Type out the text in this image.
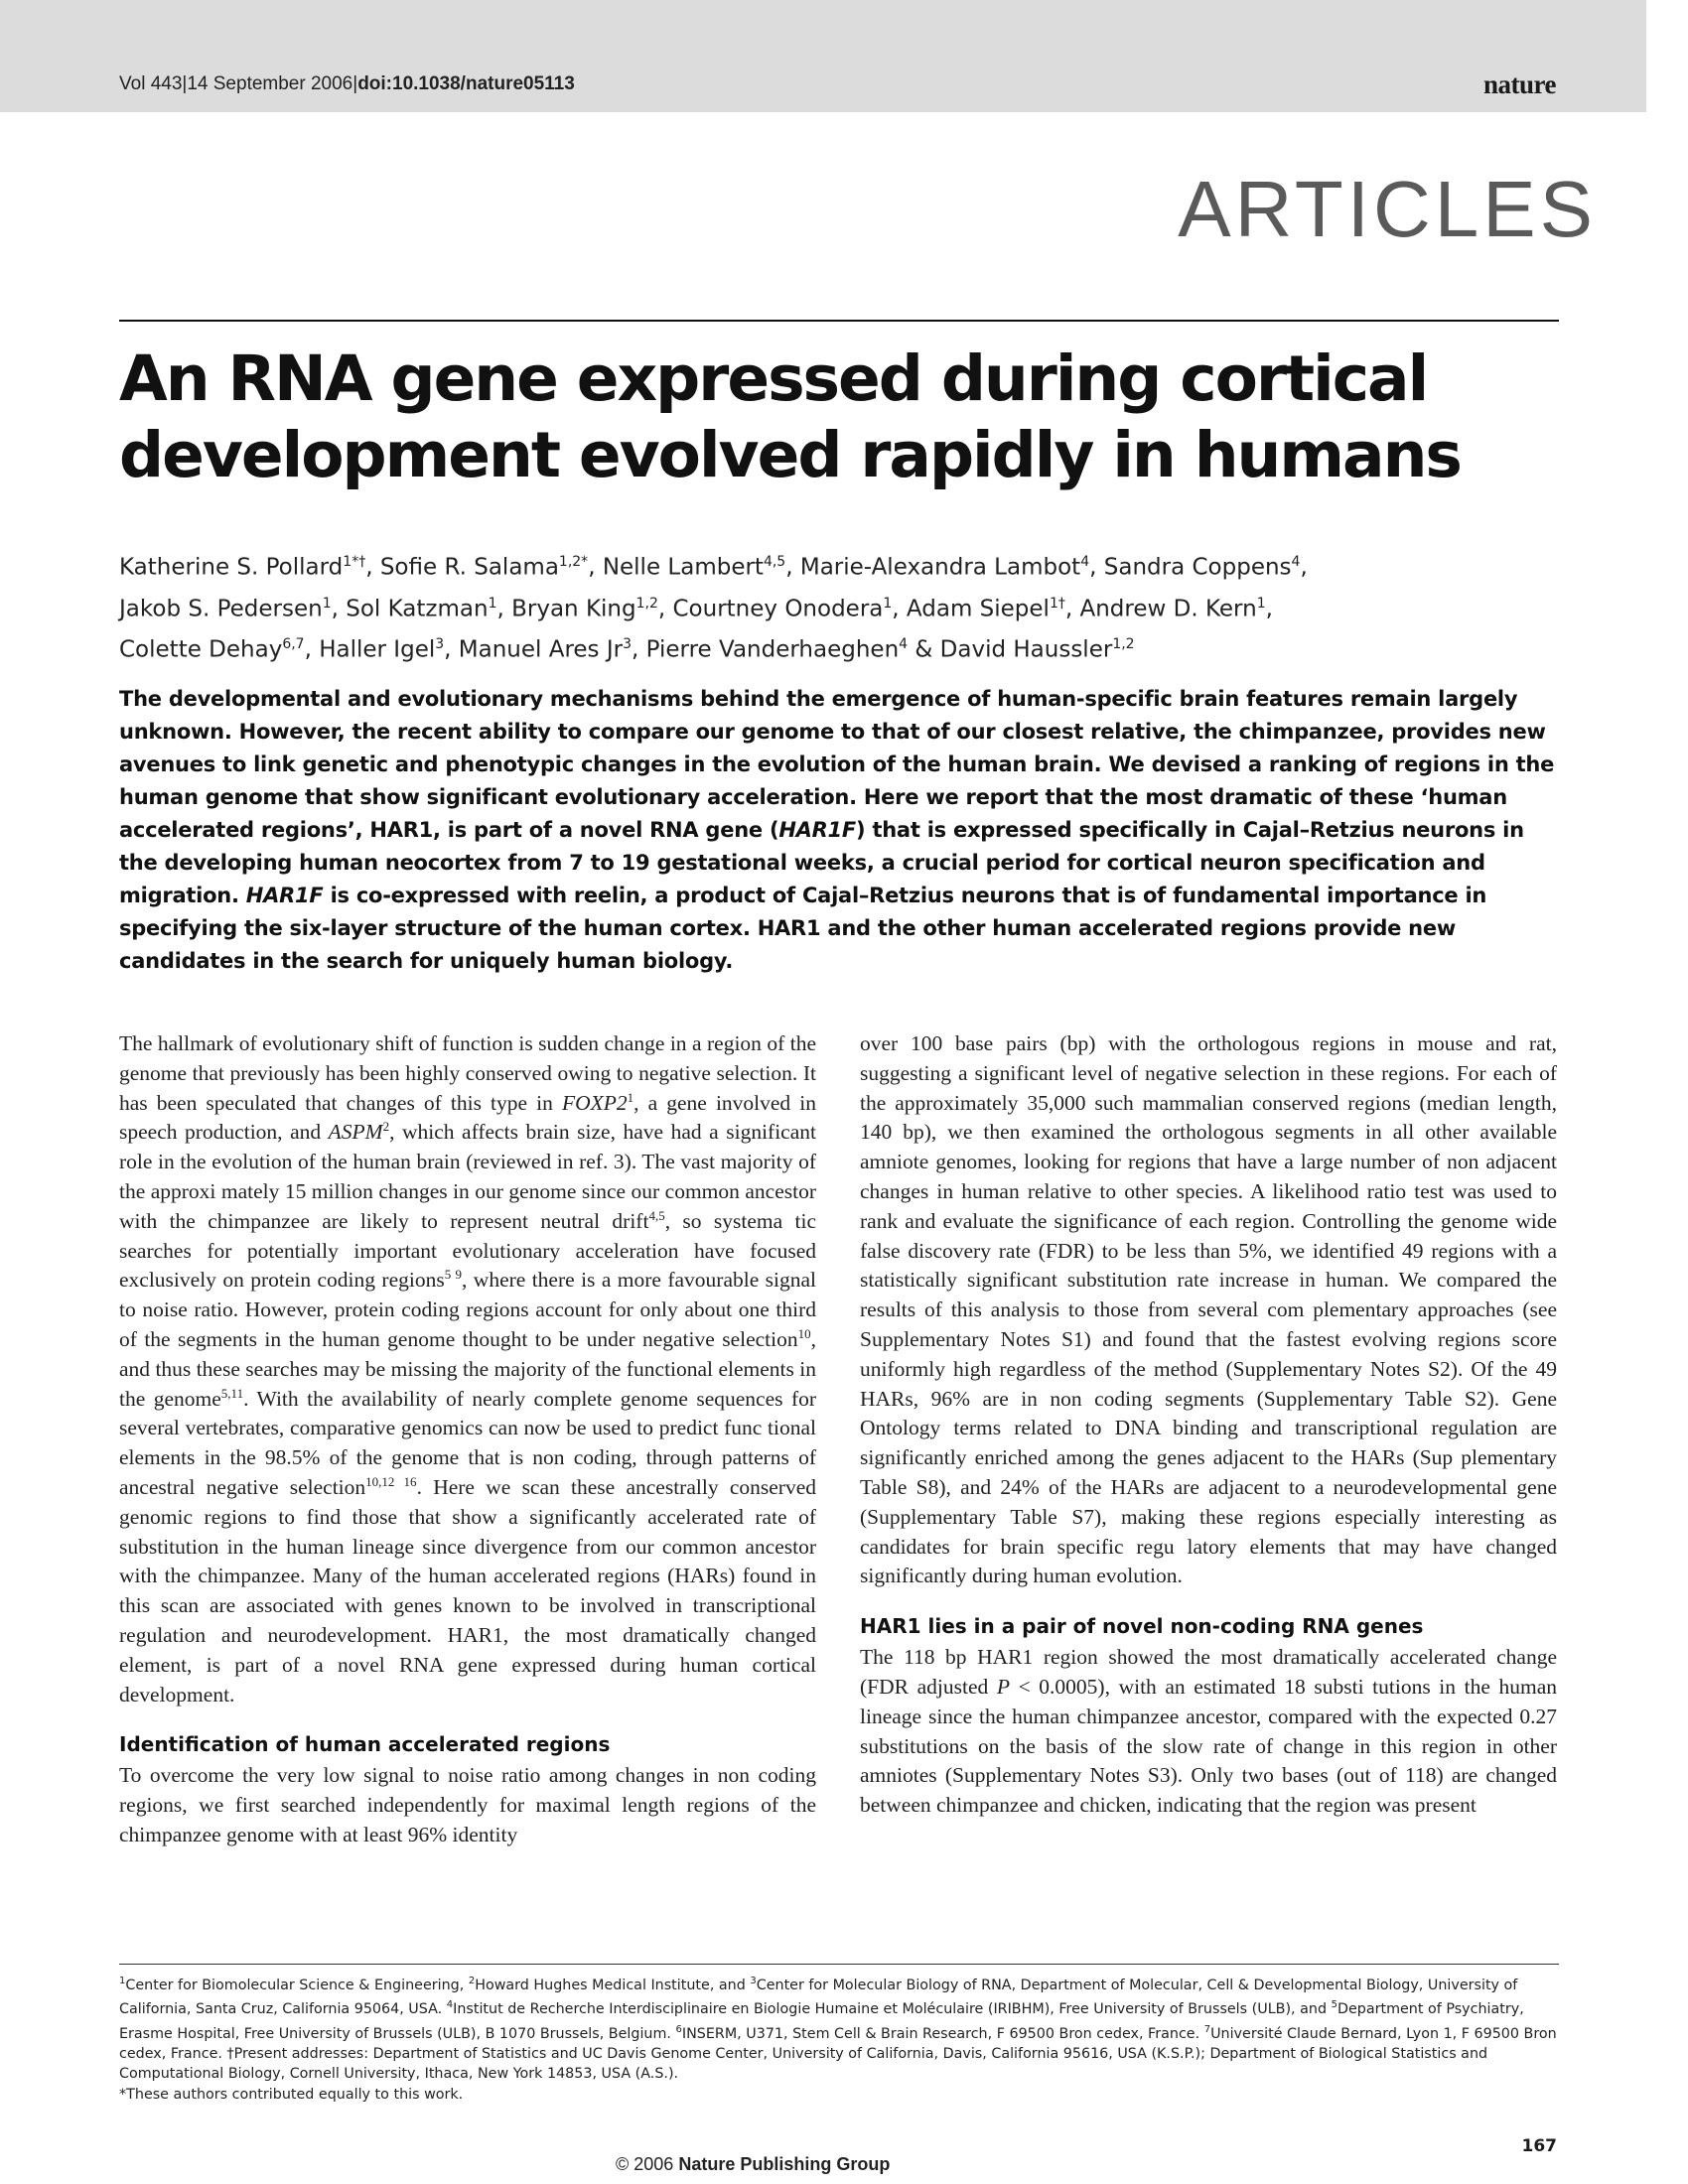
Vol 443|14 September 2006|doi:10.1038/nature05113	nature
ARTICLES
An RNA gene expressed during cortical development evolved rapidly in humans
Katherine S. Pollard$^{1*\dagger}$, Sofie R. Salama$^{1,2*}$, Nelle Lambert$^{4,5}$, Marie-Alexandra Lambot$^4$, Sandra Coppens$^4$,
Jakob S. Pedersen$^1$, Sol Katzman$^1$, Bryan King$^{1,2}$, Courtney Onodera$^1$, Adam Siepel$^{1\dagger}$, Andrew D. Kern$^1$,
Colette Dehay$^{6,7}$, Haller Igel$^3$, Manuel Ares Jr$^3$, Pierre Vanderhaeghen$^4$ & David Haussler$^{1,2}$
The developmental and evolutionary mechanisms behind the emergence of human-specific brain features remain largely unknown. However, the recent ability to compare our genome to that of our closest relative, the chimpanzee, provides new avenues to link genetic and phenotypic changes in the evolution of the human brain. We devised a ranking of regions in the human genome that show significant evolutionary acceleration. Here we report that the most dramatic of these ‘human accelerated regions’, HAR1, is part of a novel RNA gene (HAR1F) that is expressed specifically in Cajal–Retzius neurons in the developing human neocortex from 7 to 19 gestational weeks, a crucial period for cortical neuron specification and migration. HAR1F is co-expressed with reelin, a product of Cajal–Retzius neurons that is of fundamental importance in specifying the six-layer structure of the human cortex. HAR1 and the other human accelerated regions provide new candidates in the search for uniquely human biology.

The hallmark of evolutionary shift of function is sudden change in a region of the genome that previously has been highly conserved owing to negative selection. It has been speculated that changes of this type in $FOXP2^1$, a gene involved in speech production, and ASPM$^2$, which affects brain size, have had a significant role in the evolution of the human brain (reviewed in ref. 3). The vast majority of the approxi mately 15 million changes in our genome since our common ancestor with the chimpanzee are likely to represent neutral drift$^{4,5}$, so systema tic searches for potentially important evolutionary acceleration have focused exclusively on protein coding regions$^{5 9}$, where there is a more favourable signal to noise ratio. However, protein coding regions account for only about one third of the segments in the human genome thought to be under negative selection$^{10}$, and thus these searches may be missing the majority of the functional elements in the genome$^{5,11}$. With the availability of nearly complete genome sequences for several vertebrates, comparative genomics can now be used to predict func tional elements in the 98.5% of the genome that is non coding, through patterns of ancestral negative selection$^{10,12 16}$. Here we scan these ancestrally conserved genomic regions to find those that show a significantly accelerated rate of substitution in the human lineage since divergence from our common ancestor with the chimpanzee. Many of the human accelerated regions (HARs) found in this scan are associated with genes known to be involved in transcriptional regulation and neurodevelopment. HAR1, the most dramatically changed element, is part of a novel RNA gene expressed during human cortical development.

Identification of human accelerated regions

To overcome the very low signal to noise ratio among changes in non coding regions, we first searched independently for maximal length regions of the chimpanzee genome with at least 96% identity

over 100 base pairs (bp) with the orthologous regions in mouse and rat, suggesting a significant level of negative selection in these regions. For each of the approximately 35,000 such mammalian conserved regions (median length, 140 bp), we then examined the orthologous segments in all other available amniote genomes, looking for regions that have a large number of non adjacent changes in human relative to other species. A likelihood ratio test was used to rank and evaluate the significance of each region. Controlling the genome wide false discovery rate (FDR) to be less than 5%, we identified 49 regions with a statistically significant substitution rate increase in human. We compared the results of this analysis to those from several com plementary approaches (see Supplementary Notes S1) and found that the fastest evolving regions score uniformly high regardless of the method (Supplementary Notes S2). Of the 49 HARs, 96% are in non coding segments (Supplementary Table S2). Gene Ontology terms related to DNA binding and transcriptional regulation are significantly enriched among the genes adjacent to the HARs (Sup plementary Table S8), and 24% of the HARs are adjacent to a neurodevelopmental gene (Supplementary Table S7), making these regions especially interesting as candidates for brain specific regu latory elements that may have changed significantly during human evolution.

HAR1 lies in a pair of novel non-coding RNA genes

The 118 bp HAR1 region showed the most dramatically accelerated change (FDR adjusted P < 0.0005), with an estimated 18 substi tutions in the human lineage since the human chimpanzee ancestor, compared with the expected 0.27 substitutions on the basis of the slow rate of change in this region in other amniotes (Supplementary Notes S3). Only two bases (out of 118) are changed between chimpanzee and chicken, indicating that the region was present

$^1$Center for Biomolecular Science & Engineering, $^2$Howard Hughes Medical Institute, and $^3$Center for Molecular Biology of RNA, Department of Molecular, Cell & Developmental Biology, University of California, Santa Cruz, California 95064, USA. $^4$Institut de Recherche Interdisciplinaire en Biologie Humaine et Moléculaire (IRIBHM), Free University of Brussels (ULB), and $^5$Department of Psychiatry, Erasme Hospital, Free University of Brussels (ULB), B 1070 Brussels, Belgium. $^6$INSERM, U371, Stem Cell & Brain Research, F 69500 Bron cedex, France. $^7$Université Claude Bernard, Lyon 1, F 69500 Bron cedex, France. †Present addresses: Department of Statistics and UC Davis Genome Center, University of California, Davis, California 95616, USA (K.S.P.); Department of Biological Statistics and Computational Biology, Cornell University, Ithaca, New York 14853, USA (A.S.).
*These authors contributed equally to this work.
167
© 2006 Nature Publishing Group
